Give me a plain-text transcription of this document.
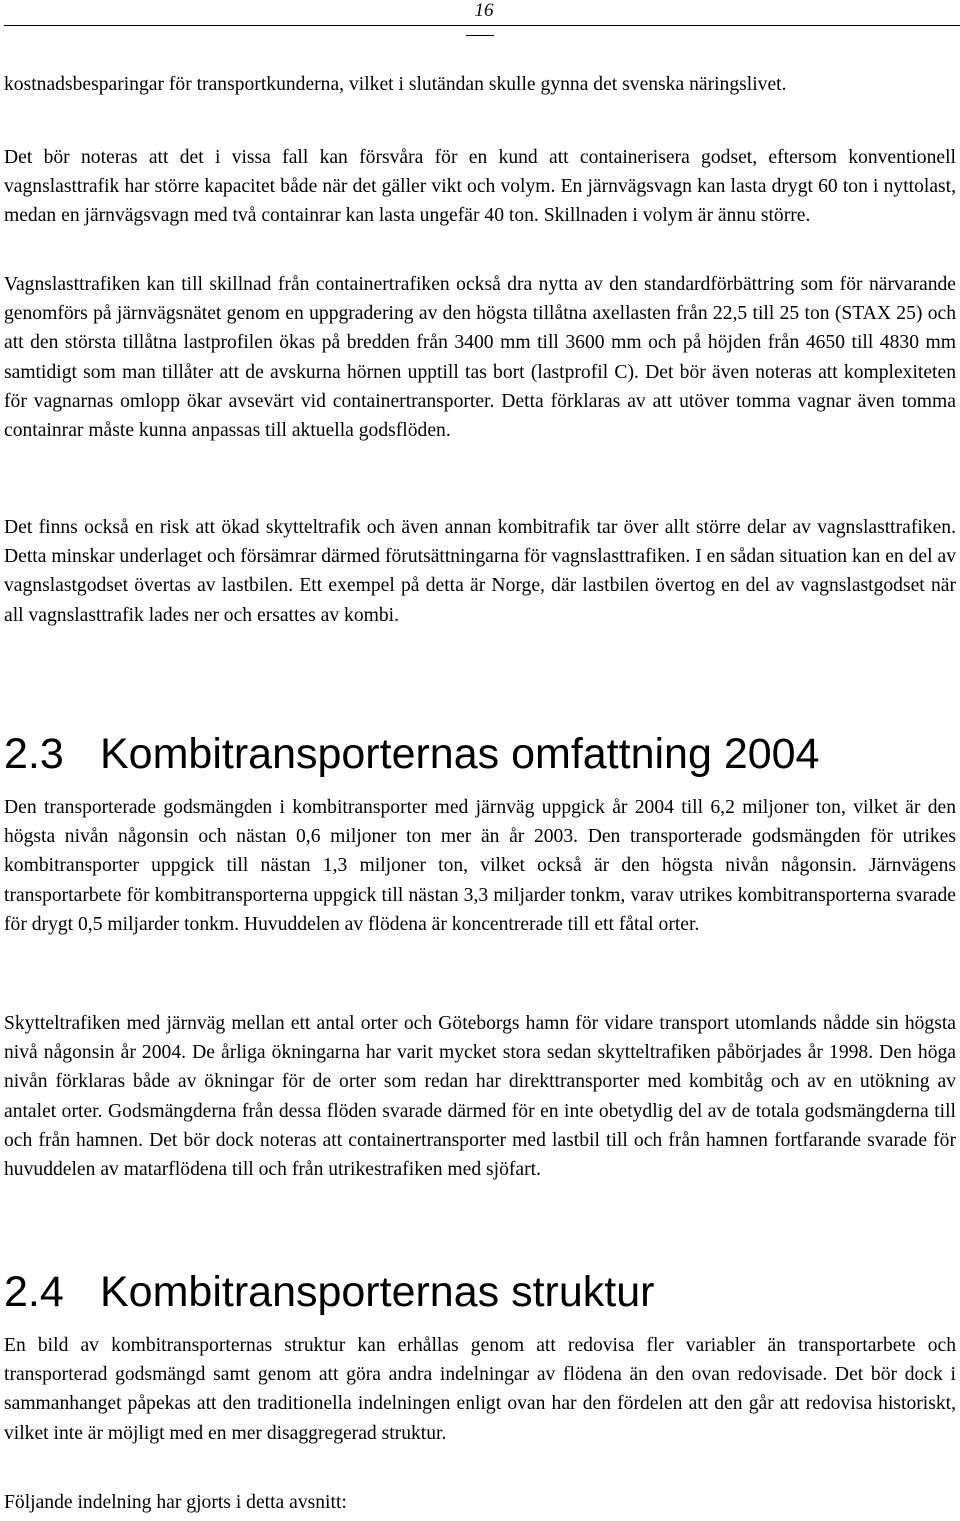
16

kostnadsbesparingar för transportkunderna, vilket i slutändan skulle gynna det svenska näringslivet.

Det bör noteras att det i vissa fall kan försvåra för en kund att containerisera godset, eftersom konventionell vagnslasttrafik har större kapacitet både när det gäller vikt och volym. En järnvägsvagn kan lasta drygt 60 ton i nyttolast, medan en järnvägsvagn med två containrar kan lasta ungefär 40 ton. Skillnaden i volym är ännu större.

Vagnslasttrafiken kan till skillnad från containertrafiken också dra nytta av den standardförbättring som för närvarande genomförs på järnvägsnätet genom en uppgradering av den högsta tillåtna axellasten från 22,5 till 25 ton (STAX 25) och att den största tillåtna lastprofilen ökas på bredden från 3400 mm till 3600 mm och på höjden från 4650 till 4830 mm samtidigt som man tillåter att de avskurna hörnen upptill tas bort (lastprofil C). Det bör även noteras att komplexiteten för vagnarnas omlopp ökar avsevärt vid containertransporter. Detta förklaras av att utöver tomma vagnar även tomma containrar måste kunna anpassas till aktuella godsflöden.

Det finns också en risk att ökad skytteltrafik och även annan kombitrafik tar över allt större delar av vagnslasttrafiken. Detta minskar underlaget och försämrar därmed förutsättningarna för vagnslasttrafiken. I en sådan situation kan en del av vagnslastgodset övertas av lastbilen. Ett exempel på detta är Norge, där lastbilen övertog en del av vagnslastgodset när all vagnslasttrafik lades ner och ersattes av kombi.

2.3 Kombitransporternas omfattning 2004

Den transporterade godsmängden i kombitransporter med järnväg uppgick år 2004 till 6,2 miljoner ton, vilket är den högsta nivån någonsin och nästan 0,6 miljoner ton mer än år 2003. Den transporterade godsmängden för utrikes kombitransporter uppgick till nästan 1,3 miljoner ton, vilket också är den högsta nivån någonsin. Järnvägens transportarbete för kombitransporterna uppgick till nästan 3,3 miljarder tonkm, varav utrikes kombitransporterna svarade för drygt 0,5 miljarder tonkm. Huvuddelen av flödena är koncentrerade till ett fåtal orter.

Skytteltrafiken med järnväg mellan ett antal orter och Göteborgs hamn för vidare transport utomlands nådde sin högsta nivå någonsin år 2004. De årliga ökningarna har varit mycket stora sedan skytteltrafiken påbörjades år 1998. Den höga nivån förklaras både av ökningar för de orter som redan har direkttransporter med kombitåg och av en utökning av antalet orter. Godsmängderna från dessa flöden svarade därmed för en inte obetydlig del av de totala godsmängderna till och från hamnen. Det bör dock noteras att containertransporter med lastbil till och från hamnen fortfarande svarade för huvuddelen av matarflödena till och från utrikestrafiken med sjöfart.

2.4 Kombitransporternas struktur

En bild av kombitransporternas struktur kan erhållas genom att redovisa fler variabler än transportarbete och transporterad godsmängd samt genom att göra andra indelningar av flödena än den ovan redovisade. Det bör dock i sammanhanget påpekas att den traditionella indelningen enligt ovan har den fördelen att den går att redovisa historiskt, vilket inte är möjligt med en mer disaggregerad struktur.

Följande indelning har gjorts i detta avsnitt:
